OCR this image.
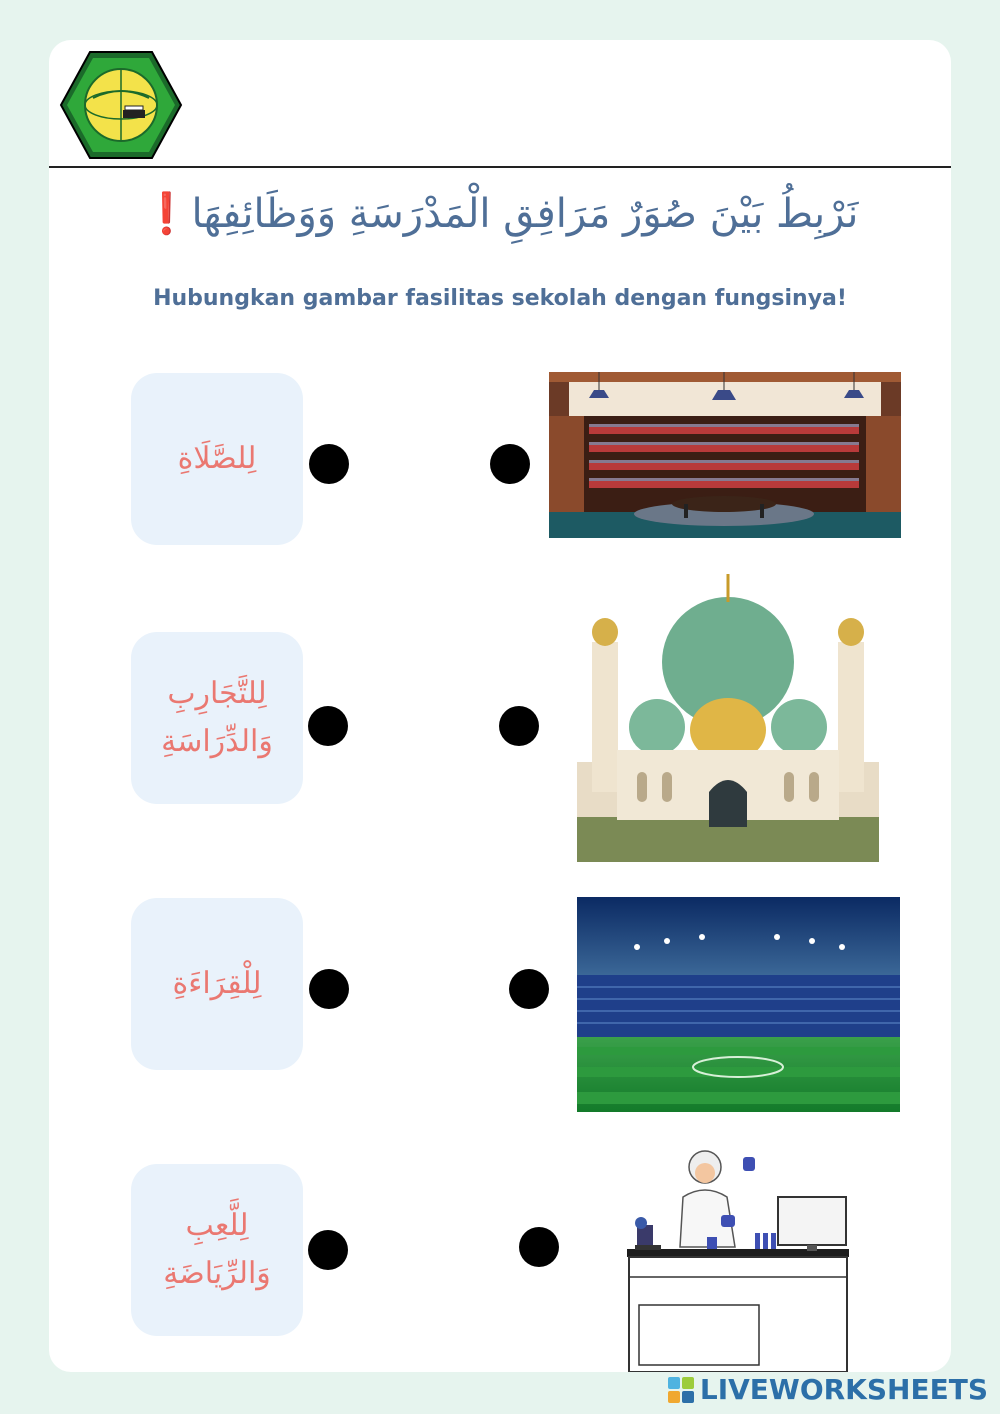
نَرْبِطُ بَيْنَ صُوَرٌ مَرَافِقِ الْمَدْرَسَةِ وَوَظَائِفِهَا❗
Hubungkan gambar fasilitas sekolah dengan fungsinya!
لِلصَّلَاةِ
لِلتَّجَارِبِ
وَالدِّرَاسَةِ
لِلْقِرَاءَةِ
لِلَّعِبِ
وَالرِّيَاضَةِ
LIVEWORKSHEETS
